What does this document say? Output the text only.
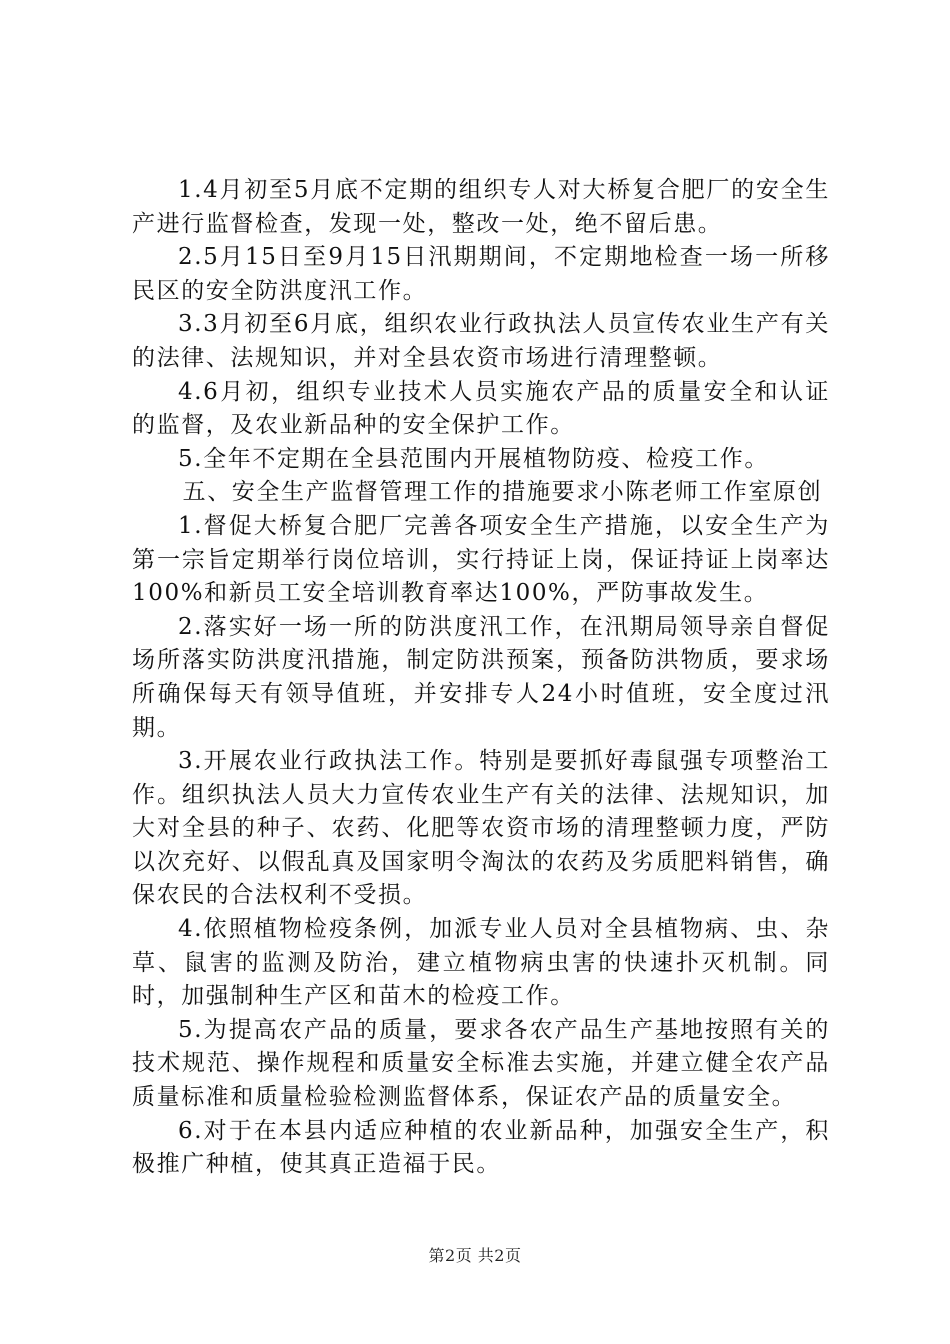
1.4月初至5月底不定期的组织专人对大桥复合肥厂的安全生产进行监督检查，发现一处，整改一处，绝不留后患。

2.5月15日至9月15日汛期期间，不定期地检查一场一所移民区的安全防洪度汛工作。

3.3月初至6月底，组织农业行政执法人员宣传农业生产有关的法律、法规知识，并对全县农资市场进行清理整顿。

4.6月初，组织专业技术人员实施农产品的质量安全和认证的监督，及农业新品种的安全保护工作。

5.全年不定期在全县范围内开展植物防疫、检疫工作。

五、安全生产监督管理工作的措施要求小陈老师工作室原创

1.督促大桥复合肥厂完善各项安全生产措施，以安全生产为第一宗旨定期举行岗位培训，实行持证上岗，保证持证上岗率达100%和新员工安全培训教育率达100%，严防事故发生。

2.落实好一场一所的防洪度汛工作，在汛期局领导亲自督促场所落实防洪度汛措施，制定防洪预案，预备防洪物质，要求场所确保每天有领导值班，并安排专人24小时值班，安全度过汛期。

3.开展农业行政执法工作。特别是要抓好毒鼠强专项整治工作。组织执法人员大力宣传农业生产有关的法律、法规知识，加大对全县的种子、农药、化肥等农资市场的清理整顿力度，严防以次充好、以假乱真及国家明令淘汰的农药及劣质肥料销售，确保农民的合法权利不受损。

4.依照植物检疫条例，加派专业人员对全县植物病、虫、杂草、鼠害的监测及防治，建立植物病虫害的快速扑灭机制。同时，加强制种生产区和苗木的检疫工作。

5.为提高农产品的质量，要求各农产品生产基地按照有关的技术规范、操作规程和质量安全标准去实施，并建立健全农产品质量标准和质量检验检测监督体系，保证农产品的质量安全。

6.对于在本县内适应种植的农业新品种，加强安全生产，积极推广种植，使其真正造福于民。

第2页 共2页
